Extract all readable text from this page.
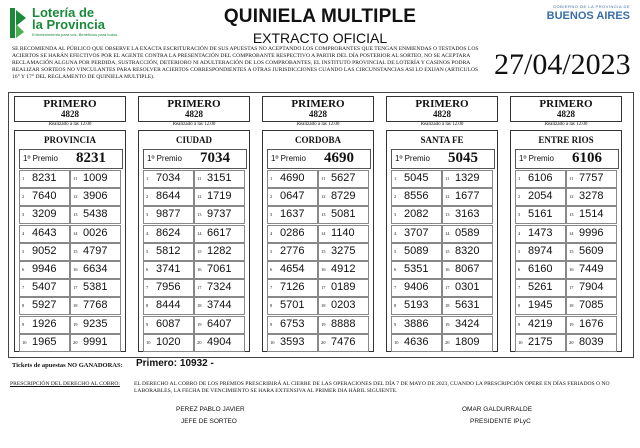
Lotería de
la Provincia
Entretenimiento para vos, Beneficios para todos.
QUINIELA MULTIPLE
EXTRACTO OFICIAL
GOBIERNO DE LA PROVINCIA DE
BUENOS AIRES
SE RECOMIENDA AL PÚBLICO QUE OBSERVE LA EXACTA ESCRITURACIÓN DE SUS APUESTAS NO ACEPTANDO LOS COMPROBANTES QUE TENGAN ENMIENDAS O TESTADOS LOS ACIERTOS SE HARÁN EFECTIVOS POR EL AGENTE CONTRA LA PRESENTACIÓN DEL COMPROBANTE RESPECTIVO A PARTIR DEL DÍA POSTERIOR AL SORTEO, NO SE ACEPTARA RECLAMACIÓN ALGUNA POR PERDIDA, SUSTRACCIÓN, DETERIORO NI ADULTERACIÓN DE LOS COMPROBANTES, EL INSTITUTO PROVINCIAL DE LOTERÍA Y CASINOS PODRA REALIZAR SORTEOS NO VINCULANTES PARA RESOLVER ACIERTOS CORRESPONDIENTES A OTRAS JURISDICCIONES CUANDO LAS CIRCUNSTANCIAS ASI LO EXIJAN (ARTICULOS 16° Y 17° DEL REGLAMENTO DE QUINIELA MULTIPLE).	27/04/2023
PRIMERO
4828
Realizado a las 12.00
PROVINCIA
1º Premio 8231
1 8231	11 1009
2 7640	12 3906
3 3209	13 5438
4 4643	14 0026
5 9052	15 4797
6 9946	16 6634
7 5407	17 5381
8 5927	18 7768
9 1926	19 9235
10 1965	20 9991
PRIMERO
4828
Realizado a las 12.00
CIUDAD
1º Premio 7034
1 7034	11 3151
2 8644	12 1719
3 9877	13 9737
4 8624	14 6617
5 5812	15 1282
6 3741	16 7061
7 7956	17 7324
8 8444	18 3744
9 6087	19 6407
10 1020	20 4904
PRIMERO
4828
Realizado a las 12.00
CORDOBA
1º Premio 4690
1 4690	11 5627
2 0647	12 8729
3 1637	13 5081
4 0286	14 1140
5 2776	15 3275
6 4654	16 4912
7 7126	17 0189
8 5701	18 0203
9 6753	19 8888
10 3593	20 7476
PRIMERO
4828
Realizado a las 12.00
SANTA FE
1º Premio 5045
1 5045	11 1329
2 8556	12 1677
3 2082	13 3163
4 3707	14 0589
5 5089	15 8320
6 5351	16 8067
7 9406	17 0301
8 5193	18 5631
9 3886	19 3424
10 4636	20 1809
PRIMERO
4828
Realizado a las 12.00
ENTRE RIOS
1º Premio 6106
1 6106	11 7757
2 2054	12 3278
3 5161	13 1514
4 1473	14 9996
5 8974	15 5609
6 6160	16 7449
7 5261	17 7904
8 1945	18 7085
9 4219	19 1676
10 2175	20 8039
Tickets de apuestas NO GANADORAS: Primero: 10932 -
PRESCRIPCIÓN DEL DERECHO AL COBRO:	EL DERECHO AL COBRO DE LOS PREMIOS PRESCRIBIRÁ AL CIERRE DE LAS OPERACIONES DEL DÍA 7 DE MAYO DE 2023, CUANDO LA PRESCRIPCIÓN OPERE EN DÍAS FERIADOS O NO LABORABLES, LA FECHA DE VENCIMIENTO SE HARA EXTENSIVA AL PRIMER DIA HÁBIL SIGUIENTE.
PEREZ PABLO JAVIER
JEFE DE SORTEO
OMAR GALDURRALDE
PRESIDENTE IPLyC
